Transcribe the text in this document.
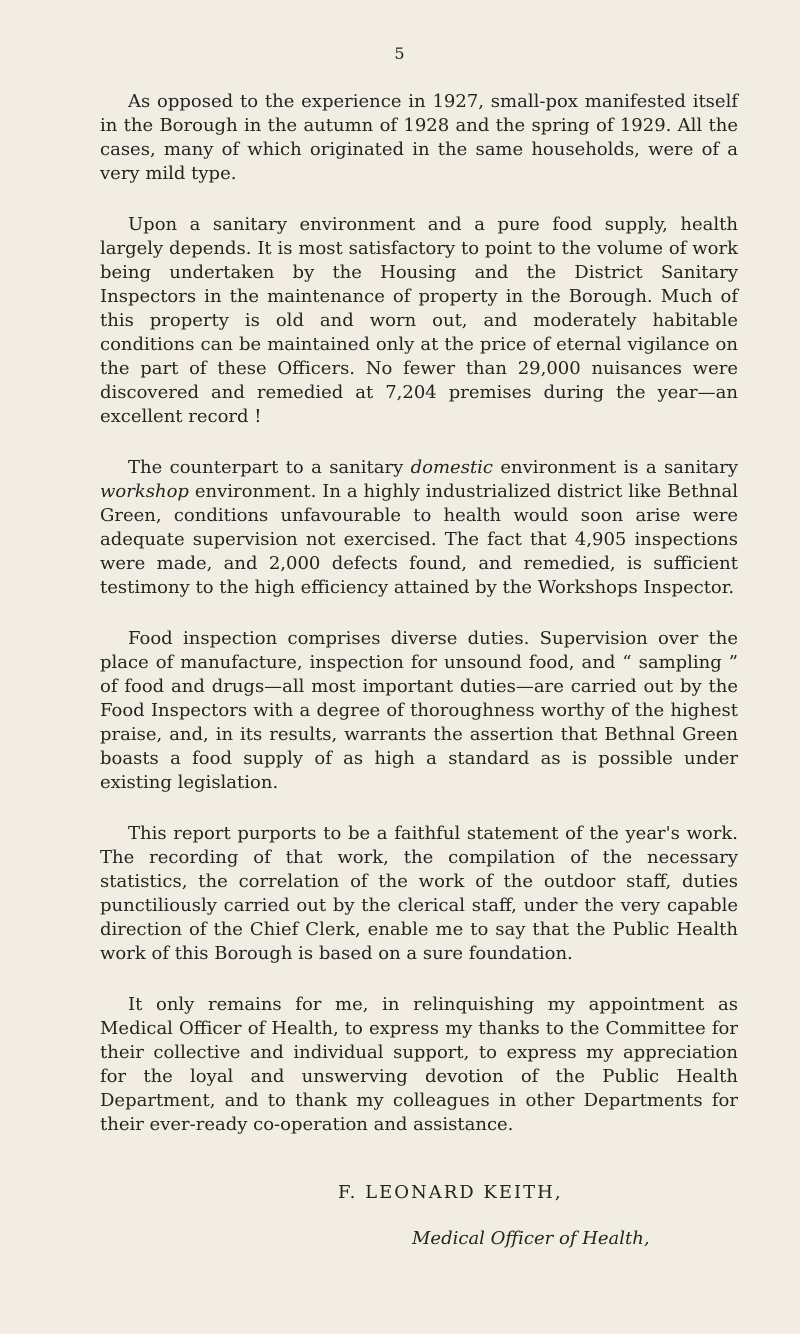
5

As opposed to the experience in 1927, small-pox manifested itself in the Borough in the autumn of 1928 and the spring of 1929. All the cases, many of which originated in the same households, were of a very mild type.

Upon a sanitary environment and a pure food supply, health largely depends. It is most satisfactory to point to the volume of work being undertaken by the Housing and the District Sanitary Inspectors in the maintenance of property in the Borough. Much of this property is old and worn out, and moderately habitable conditions can be maintained only at the price of eternal vigilance on the part of these Officers. No fewer than 29,000 nuisances were discovered and remedied at 7,204 premises during the year—an excellent record !

The counterpart to a sanitary domestic environment is a sanitary workshop environment. In a highly industrialized district like Bethnal Green, conditions unfavourable to health would soon arise were adequate supervision not exercised. The fact that 4,905 inspections were made, and 2,000 defects found, and remedied, is sufficient testimony to the high efficiency attained by the Workshops Inspector.

Food inspection comprises diverse duties. Supervision over the place of manufacture, inspection for unsound food, and “ sampling ” of food and drugs—all most important duties—are carried out by the Food Inspectors with a degree of thoroughness worthy of the highest praise, and, in its results, warrants the assertion that Bethnal Green boasts a food supply of as high a standard as is possible under existing legislation.

This report purports to be a faithful statement of the year's work. The recording of that work, the compilation of the necessary statistics, the correlation of the work of the outdoor staff, duties punctiliously carried out by the clerical staff, under the very capable direction of the Chief Clerk, enable me to say that the Public Health work of this Borough is based on a sure foundation.

It only remains for me, in relinquishing my appointment as Medical Officer of Health, to express my thanks to the Committee for their collective and individual support, to express my appreciation for the loyal and unswerving devotion of the Public Health Department, and to thank my colleagues in other Departments for their ever-ready co-operation and assistance.

F. LEONARD KEITH,
Medical Officer of Health,
